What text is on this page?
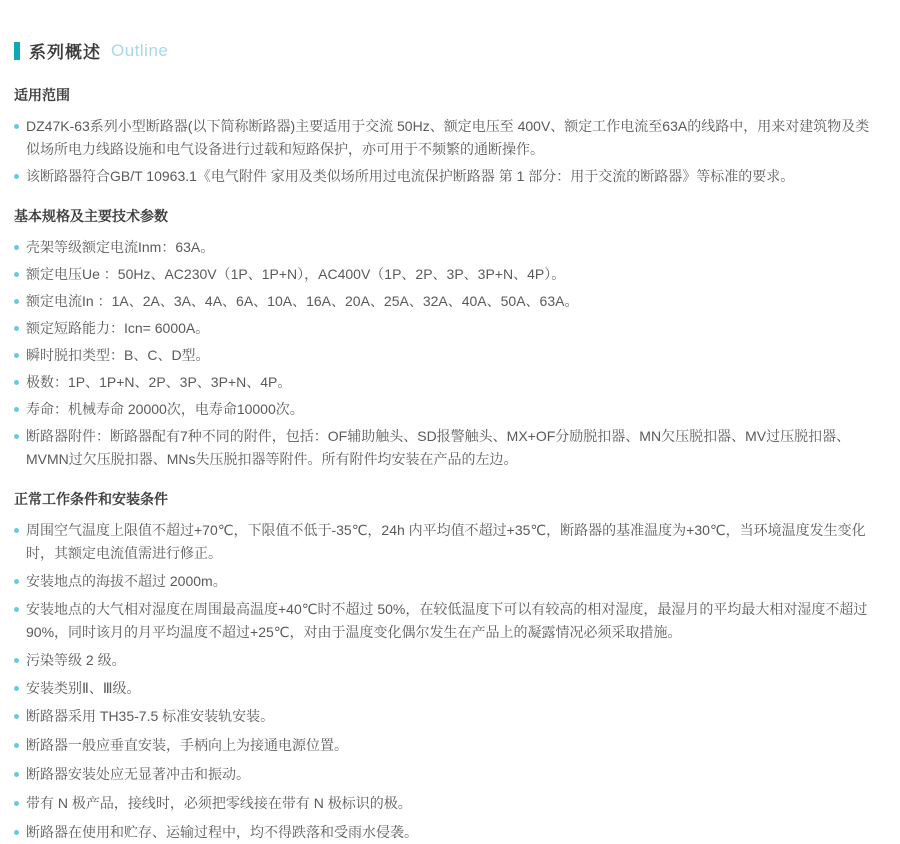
系列概述 Outline
适用范围
DZ47K-63系列小型断路器(以下简称断路器)主要适用于交流 50Hz、额定电压至 400V、额定工作电流至63A的线路中，用来对建筑物及类似场所电力线路设施和电气设备进行过载和短路保护，亦可用于不频繁的通断操作。
该断路器符合GB/T 10963.1《电气附件 家用及类似场所用过电流保护断路器 第 1 部分：用于交流的断路器》等标准的要求。
基本规格及主要技术参数
壳架等级额定电流Inm：63A。
额定电压Ue ：50Hz、AC230V（1P、1P+N），AC400V（1P、2P、3P、3P+N、4P）。
额定电流In ：1A、2A、3A、4A、6A、10A、16A、20A、25A、32A、40A、50A、63A。
额定短路能力：Icn= 6000A。
瞬时脱扣类型：B、C、D型。
极数：1P、1P+N、2P、3P、3P+N、4P。
寿命：机械寿命 20000次，电寿命10000次。
断路器附件：断路器配有7种不同的附件，包括：OF辅助触头、SD报警触头、MX+OF分励脱扣器、MN欠压脱扣器、MV过压脱扣器、MVMN过欠压脱扣器、MNs失压脱扣器等附件。所有附件均安装在产品的左边。
正常工作条件和安装条件
周围空气温度上限值不超过+70℃，下限值不低于-35℃，24h 内平均值不超过+35℃，断路器的基准温度为+30℃，当环境温度发生变化时，其额定电流值需进行修正。
安装地点的海拔不超过 2000m。
安装地点的大气相对湿度在周围最高温度+40℃时不超过 50%，在较低温度下可以有较高的相对湿度，最湿月的平均最大相对湿度不超过 90%，同时该月的月平均温度不超过+25℃，对由于温度变化偶尔发生在产品上的凝露情况必须采取措施。
污染等级 2 级。
安装类别Ⅱ、Ⅲ级。
断路器采用 TH35-7.5 标准安装轨安装。
断路器一般应垂直安装，手柄向上为接通电源位置。
断路器安装处应无显著冲击和振动。
带有 N 极产品，接线时，必须把零线接在带有 N 极标识的极。
断路器在使用和贮存、运输过程中，均不得跌落和受雨水侵袭。
